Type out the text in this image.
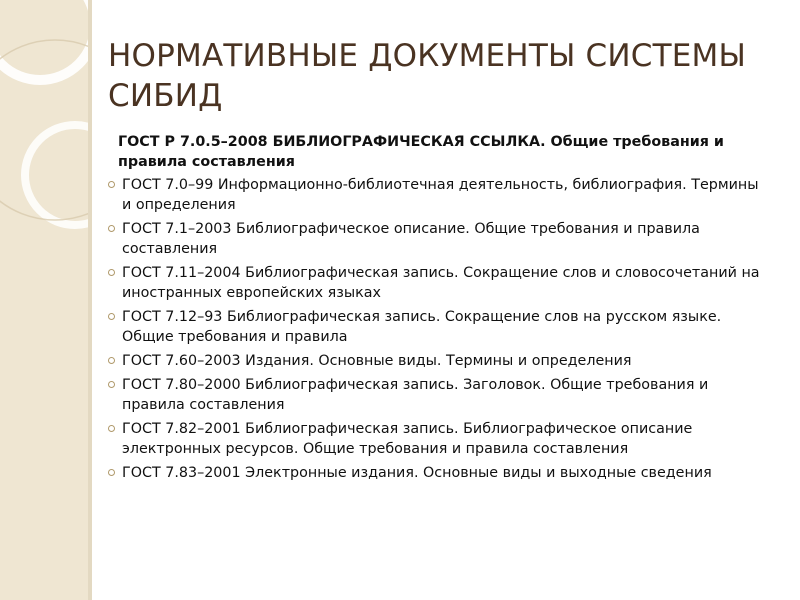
НОРМАТИВНЫЕ ДОКУМЕНТЫ СИСТЕМЫ СИБИД
ГОСТ Р 7.0.5–2008 БИБЛИОГРАФИЧЕСКАЯ ССЫЛКА. Общие требования и правила составления
ГОСТ 7.0–99 Информационно-библиотечная деятельность, библиография. Термины и определения
ГОСТ 7.1–2003 Библиографическое описание. Общие требования и правила составления
ГОСТ 7.11–2004 Библиографическая запись. Сокращение слов и словосочетаний на иностранных европейских языках
ГОСТ 7.12–93 Библиографическая запись. Сокращение слов на русском языке. Общие требования и правила
ГОСТ 7.60–2003 Издания. Основные виды. Термины и определения
ГОСТ 7.80–2000 Библиографическая запись. Заголовок. Общие требования и правила составления
ГОСТ 7.82–2001 Библиографическая запись. Библиографическое описание электронных ресурсов. Общие требования и правила составления
ГОСТ 7.83–2001 Электронные издания. Основные виды и выходные сведения
